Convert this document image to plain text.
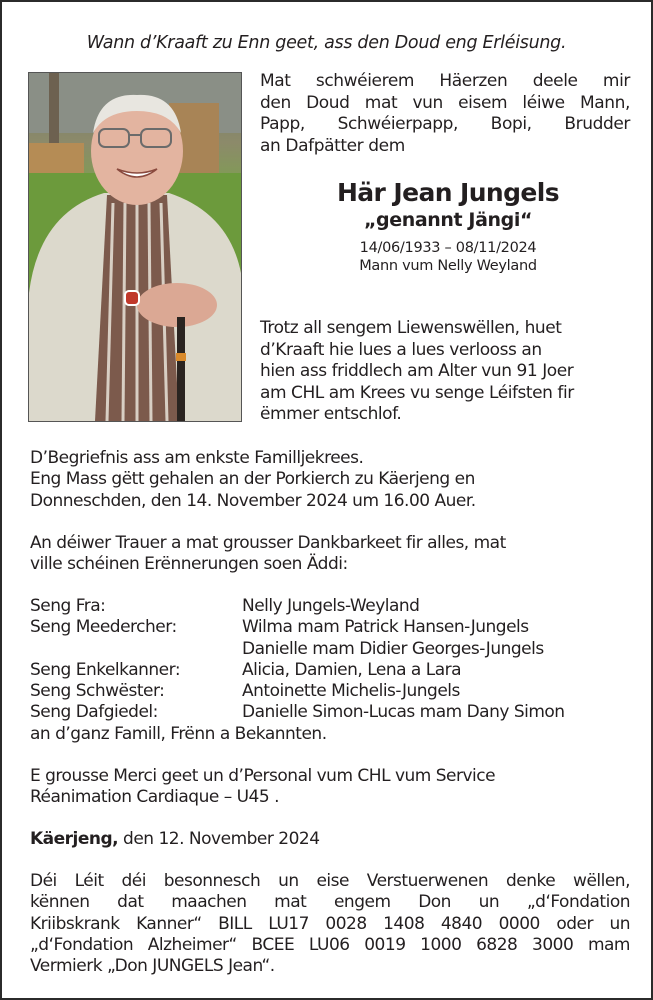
Wann d’Kraaft zu Enn geet, ass den Doud eng Erléisung.
Mat schwéierem Häerzen deele mir
den Doud mat vun eisem léiwe Mann,
Papp, Schwéierpapp, Bopi, Brudder
an Dafpätter dem
Här Jean Jungels
„genannt Jängi“
14/06/1933 – 08/11/2024
Mann vum Nelly Weyland
Trotz all sengem Liewenswëllen, huet
d’Kraaft hie lues a lues verlooss an
hien ass friddlech am Alter vun 91 Joer
am CHL am Krees vu senge Léifsten fir
ëmmer entschlof.
D’Begriefnis ass am enkste Familljekrees.
Eng Mass gëtt gehalen an der Porkierch zu Käerjeng en
Donneschden, den 14. November 2024 um 16.00 Auer.
An déiwer Trauer a mat grousser Dankbarkeet fir alles, mat
ville schéinen Erënnerungen soen Äddi:
Seng Fra:	Nelly Jungels-Weyland
Seng Meedercher:	Wilma mam Patrick Hansen-Jungels
	Danielle mam Didier Georges-Jungels
Seng Enkelkanner:	Alicia, Damien, Lena a Lara
Seng Schwëster:	Antoinette Michelis-Jungels
Seng Dafgiedel:	Danielle Simon-Lucas mam Dany Simon
an d’ganz Famill, Frënn a Bekannten.
E grousse Merci geet un d’Personal vum CHL vum Service
Réanimation Cardiaque – U45 .
Käerjeng, den 12. November 2024
Déi Léit déi besonnesch un eise Verstuerwenen denke wëllen,
kënnen dat maachen mat engem Don un „d‘Fondation
Kriibskrank Kanner“ BILL LU17 0028 1408 4840 0000 oder un
„d‘Fondation Alzheimer“ BCEE LU06 0019 1000 6828 3000 mam
Vermierk „Don JUNGELS Jean“.
